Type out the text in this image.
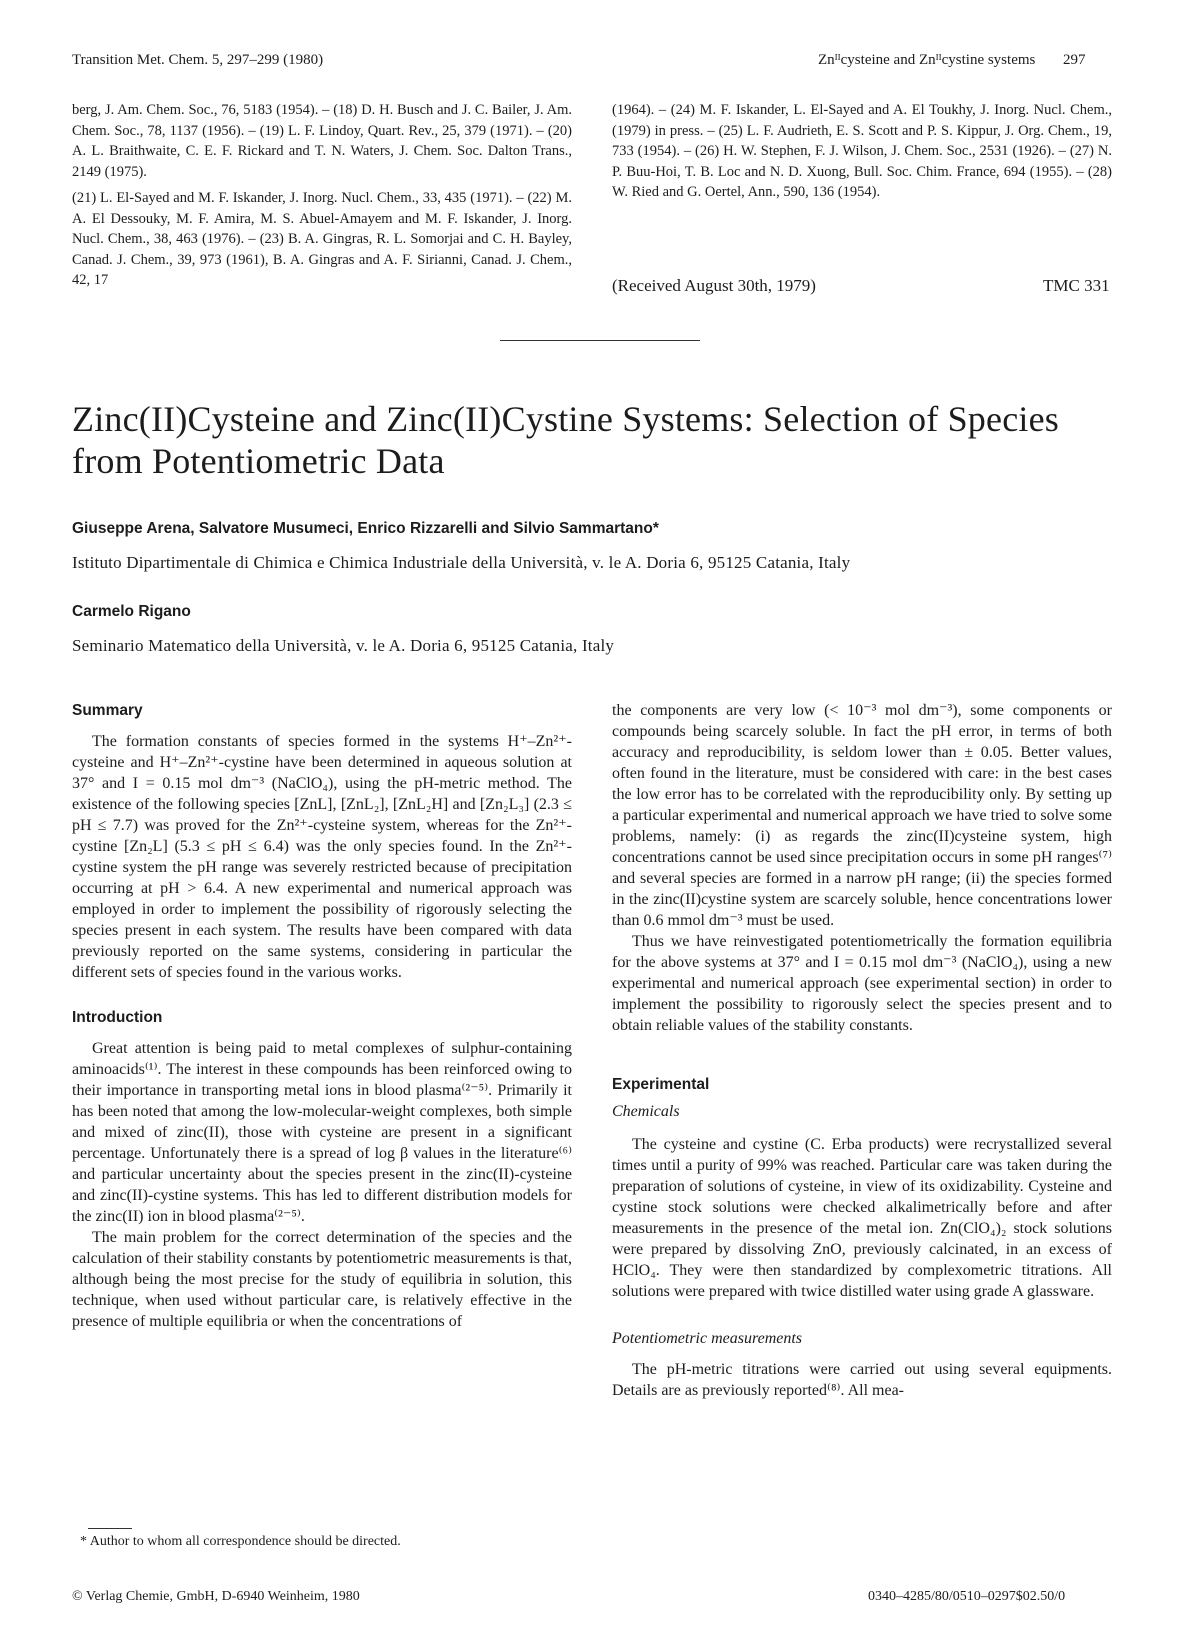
Transition Met. Chem. 5, 297–299 (1980)	Znᴵᴵcysteine and Znᴵᴵcystine systems 297

berg, J. Am. Chem. Soc., 76, 5183 (1954). – (18) D. H. Busch and J. C. Bailer, J. Am. Chem. Soc., 78, 1137 (1956). – (19) L. F. Lindoy, Quart. Rev., 25, 379 (1971). – (20) A. L. Braithwaite, C. E. F. Rickard and T. N. Waters, J. Chem. Soc. Dalton Trans., 2149 (1975).

(21) L. El-Sayed and M. F. Iskander, J. Inorg. Nucl. Chem., 33, 435 (1971). – (22) M. A. El Dessouky, M. F. Amira, M. S. Abuel-Amayem and M. F. Iskander, J. Inorg. Nucl. Chem., 38, 463 (1976). – (23) B. A. Gingras, R. L. Somorjai and C. H. Bayley, Canad. J. Chem., 39, 973 (1961), B. A. Gingras and A. F. Sirianni, Canad. J. Chem., 42, 17

(1964). – (24) M. F. Iskander, L. El-Sayed and A. El Toukhy, J. Inorg. Nucl. Chem., (1979) in press. – (25) L. F. Audrieth, E. S. Scott and P. S. Kippur, J. Org. Chem., 19, 733 (1954). – (26) H. W. Stephen, F. J. Wilson, J. Chem. Soc., 2531 (1926). – (27) N. P. Buu-Hoi, T. B. Loc and N. D. Xuong, Bull. Soc. Chim. France, 694 (1955). – (28) W. Ried and G. Oertel, Ann., 590, 136 (1954).

(Received August 30th, 1979)	TMC 331
Zinc(II)Cysteine and Zinc(II)Cystine Systems: Selection of Species
from Potentiometric Data
Giuseppe Arena, Salvatore Musumeci, Enrico Rizzarelli and Silvio Sammartano*
Istituto Dipartimentale di Chimica e Chimica Industriale della Università, v. le A. Doria 6, 95125 Catania, Italy
Carmelo Rigano
Seminario Matematico della Università, v. le A. Doria 6, 95125 Catania, Italy
Summary

The formation constants of species formed in the systems H⁺–Zn²⁺-cysteine and H⁺–Zn²⁺-cystine have been determined in aqueous solution at 37° and I = 0.15 mol dm⁻³ (NaClO₄), using the pH-metric method. The existence of the following species [ZnL], [ZnL₂], [ZnL₂H] and [Zn₂L₃] (2.3 ≤ pH ≤ 7.7) was proved for the Zn²⁺-cysteine system, whereas for the Zn²⁺-cystine [Zn₂L] (5.3 ≤ pH ≤ 6.4) was the only species found. In the Zn²⁺-cystine system the pH range was severely restricted because of precipitation occurring at pH > 6.4. A new experimental and numerical approach was employed in order to implement the possibility of rigorously selecting the species present in each system. The results have been compared with data previously reported on the same systems, considering in particular the different sets of species found in the various works.

Introduction

Great attention is being paid to metal complexes of sulphur-containing aminoacids⁽¹⁾. The interest in these compounds has been reinforced owing to their importance in transporting metal ions in blood plasma⁽²⁻⁵⁾. Primarily it has been noted that among the low-molecular-weight complexes, both simple and mixed of zinc(II), those with cysteine are present in a significant percentage. Unfortunately there is a spread of log β values in the literature⁽⁶⁾ and particular uncertainty about the species present in the zinc(II)-cysteine and zinc(II)-cystine systems. This has led to different distribution models for the zinc(II) ion in blood plasma⁽²⁻⁵⁾.

The main problem for the correct determination of the species and the calculation of their stability constants by potentiometric measurements is that, although being the most precise for the study of equilibria in solution, this technique, when used without particular care, is relatively effective in the presence of multiple equilibria or when the concentrations of

* Author to whom all correspondence should be directed.

the components are very low (< 10⁻³ mol dm⁻³), some components or compounds being scarcely soluble. In fact the pH error, in terms of both accuracy and reproducibility, is seldom lower than ± 0.05. Better values, often found in the literature, must be considered with care: in the best cases the low error has to be correlated with the reproducibility only. By setting up a particular experimental and numerical approach we have tried to solve some problems, namely: (i) as regards the zinc(II)cysteine system, high concentrations cannot be used since precipitation occurs in some pH ranges⁽⁷⁾ and several species are formed in a narrow pH range; (ii) the species formed in the zinc(II)cystine system are scarcely soluble, hence concentrations lower than 0.6 mmol dm⁻³ must be used.

Thus we have reinvestigated potentiometrically the formation equilibria for the above systems at 37° and I = 0.15 mol dm⁻³ (NaClO₄), using a new experimental and numerical approach (see experimental section) in order to implement the possibility to rigorously select the species present and to obtain reliable values of the stability constants.

Experimental
Chemicals

The cysteine and cystine (C. Erba products) were recrystallized several times until a purity of 99% was reached. Particular care was taken during the preparation of solutions of cysteine, in view of its oxidizability. Cysteine and cystine stock solutions were checked alkalimetrically before and after measurements in the presence of the metal ion. Zn(ClO₄)₂ stock solutions were prepared by dissolving ZnO, previously calcinated, in an excess of HClO₄. They were then standardized by complexometric titrations. All solutions were prepared with twice distilled water using grade A glassware.

Potentiometric measurements

The pH-metric titrations were carried out using several equipments. Details are as previously reported⁽⁸⁾. All mea-

© Verlag Chemie, GmbH, D-6940 Weinheim, 1980	0340–4285/80/0510–0297$02.50/0
